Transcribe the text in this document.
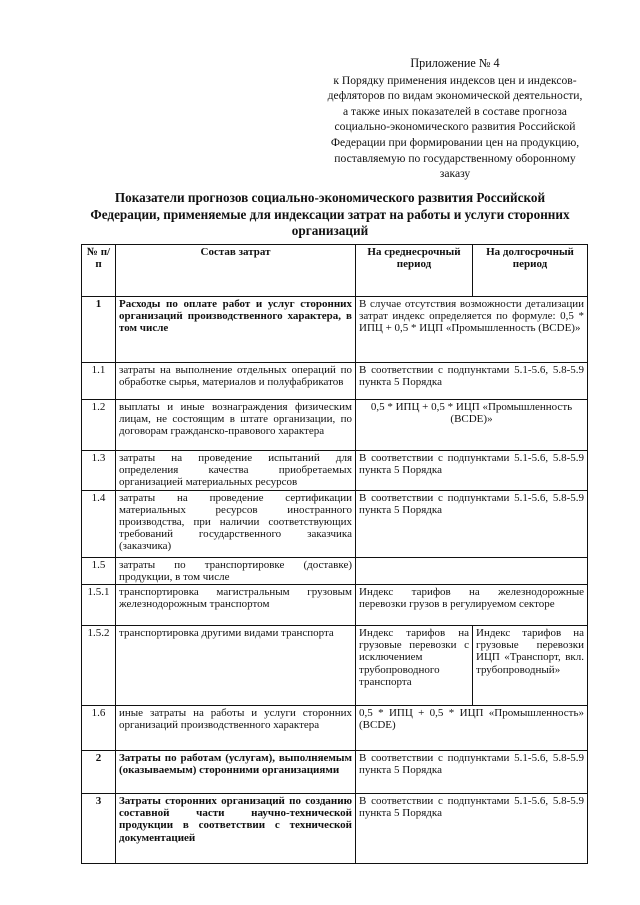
Приложение № 4
к Порядку применения индексов цен и индексов-
дефляторов по видам экономической деятельности,
а также иных показателей в составе прогноза
социально-экономического развития Российской
Федерации при формировании цен на продукцию,
поставляемую по государственному оборонному
заказу
Показатели прогнозов социально-экономического развития Российской
Федерации, применяемые для индексации затрат на работы и услуги сторонних
организаций
№ п/п	Состав затрат	На среднесрочный период	На долгосрочный период
1	Расходы по оплате работ и услуг сторонних организаций производственного характера, в том числе	В случае отсутствия возможности детализации затрат индекс определяется по формуле: 0,5 * ИПЦ + 0,5 * ИЦП «Промышленность (BCDE)»	
1.1	затраты на выполнение отдельных операций по обработке сырья, материалов и полуфабрикатов	В соответствии с подпунктами 5.1-5.6, 5.8-5.9 пункта 5 Порядка	
1.2	выплаты и иные вознаграждения физическим лицам, не состоящим в штате организации, по договорам гражданско-правового характера	0,5 * ИПЦ + 0,5 * ИЦП «Промышленность (BCDE)»	
1.3	затраты на проведение испытаний для определения качества приобретаемых организацией материальных ресурсов	В соответствии с подпунктами 5.1-5.6, 5.8-5.9 пункта 5 Порядка	
1.4	затраты на проведение сертификации материальных ресурсов иностранного производства, при наличии соответствующих требований государственного заказчика (заказчика)	В соответствии с подпунктами 5.1-5.6, 5.8-5.9 пункта 5 Порядка	
1.5	затраты по транспортировке (доставке) продукции, в том числе		
1.5.1	транспортировка магистральным грузовым железнодорожным транспортом	Индекс тарифов на железнодорожные перевозки грузов в регулируемом секторе	
1.5.2	транспортировка другими видами транспорта	Индекс тарифов на грузовые перевозки с исключением трубопроводного транспорта	Индекс тарифов на грузовые перевозки ИЦП «Транспорт, вкл. трубопроводный»
1.6	иные затраты на работы и услуги сторонних организаций производственного характера	0,5 * ИПЦ + 0,5 * ИЦП «Промышленность» (BCDE)	
2	Затраты по работам (услугам), выполняемым (оказываемым) сторонними организациями	В соответствии с подпунктами 5.1-5.6, 5.8-5.9 пункта 5 Порядка	
3	Затраты сторонних организаций по созданию составной части научно-технической продукции в соответствии с технической документацией	В соответствии с подпунктами 5.1-5.6, 5.8-5.9 пункта 5 Порядка	
